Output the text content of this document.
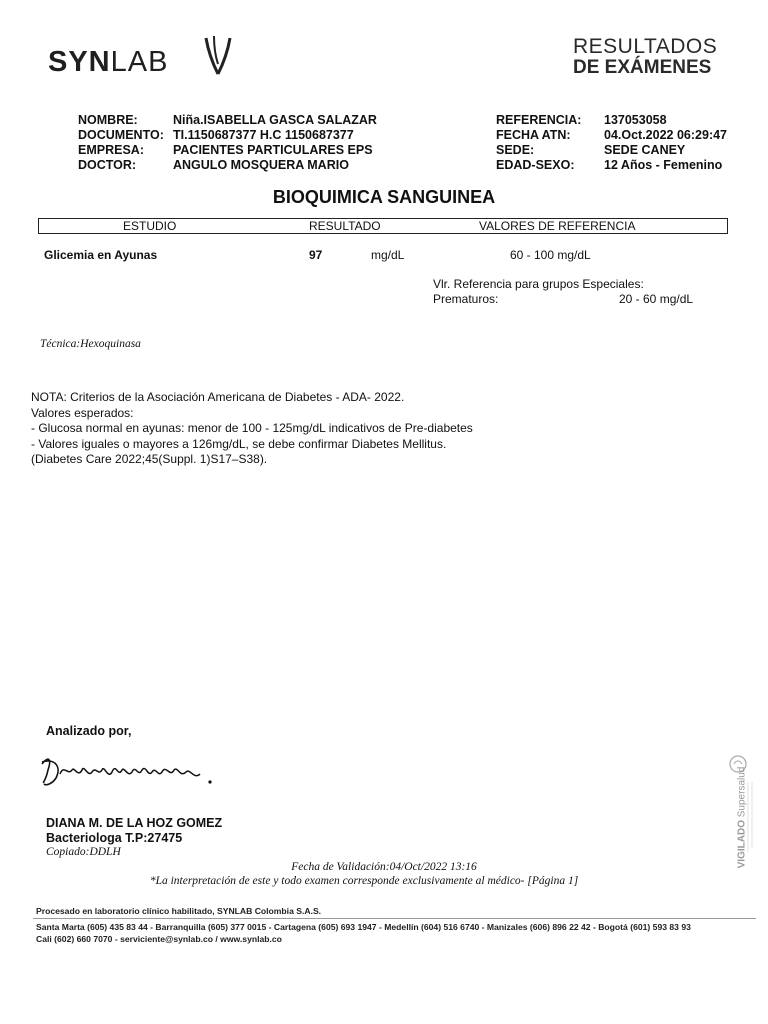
SYNLAB	RESULTADOS
DE EXÁMENES
NOMBRE:	Niña.ISABELLA GASCA SALAZAR
DOCUMENTO: TI.1150687377 H.C 1150687377
EMPRESA: PACIENTES PARTICULARES EPS
DOCTOR:	ANGULO MOSQUERA MARIO
REFERENCIA: 137053058
FECHA ATN:	04.Oct.2022 06:29:47
SEDE:	SEDE CANEY
EDAD-SEXO: 12 Años - Femenino
BIOQUIMICA SANGUINEA
ESTUDIO	RESULTADO	VALORES DE REFERENCIA
Glicemia en Ayunas	97	mg/dL	60 - 100 mg/dL
Vlr. Referencia para grupos Especiales:
Prematuros:	20 - 60 mg/dL
Técnica:Hexoquinasa
NOTA: Criterios de la Asociación Americana de Diabetes - ADA- 2022.
Valores esperados:
- Glucosa normal en ayunas: menor de 100 - 125mg/dL indicativos de Pre-diabetes
- Valores iguales o mayores a 126mg/dL, se debe confirmar Diabetes Mellitus.
(Diabetes Care 2022;45(Suppl. 1)S17–S38).
Analizado por,
DIANA M. DE LA HOZ GOMEZ
Bacteriologa T.P:27475
Copiado:DDLH
Fecha de Validación:04/Oct/2022 13:16
*La interpretación de este y todo examen corresponde exclusivamente al médico- [Página 1]
VIGILADO Supersalud
Procesado en laboratorio clínico habilitado, SYNLAB Colombia S.A.S.
Santa Marta (605) 435 83 44 - Barranquilla (605) 377 0015 - Cartagena (605) 693 1947 - Medellín (604) 516 6740 - Manizales (606) 896 22 42 - Bogotá (601) 593 83 93
Cali (602) 660 7070 - serviciente@synlab.co / www.synlab.co
